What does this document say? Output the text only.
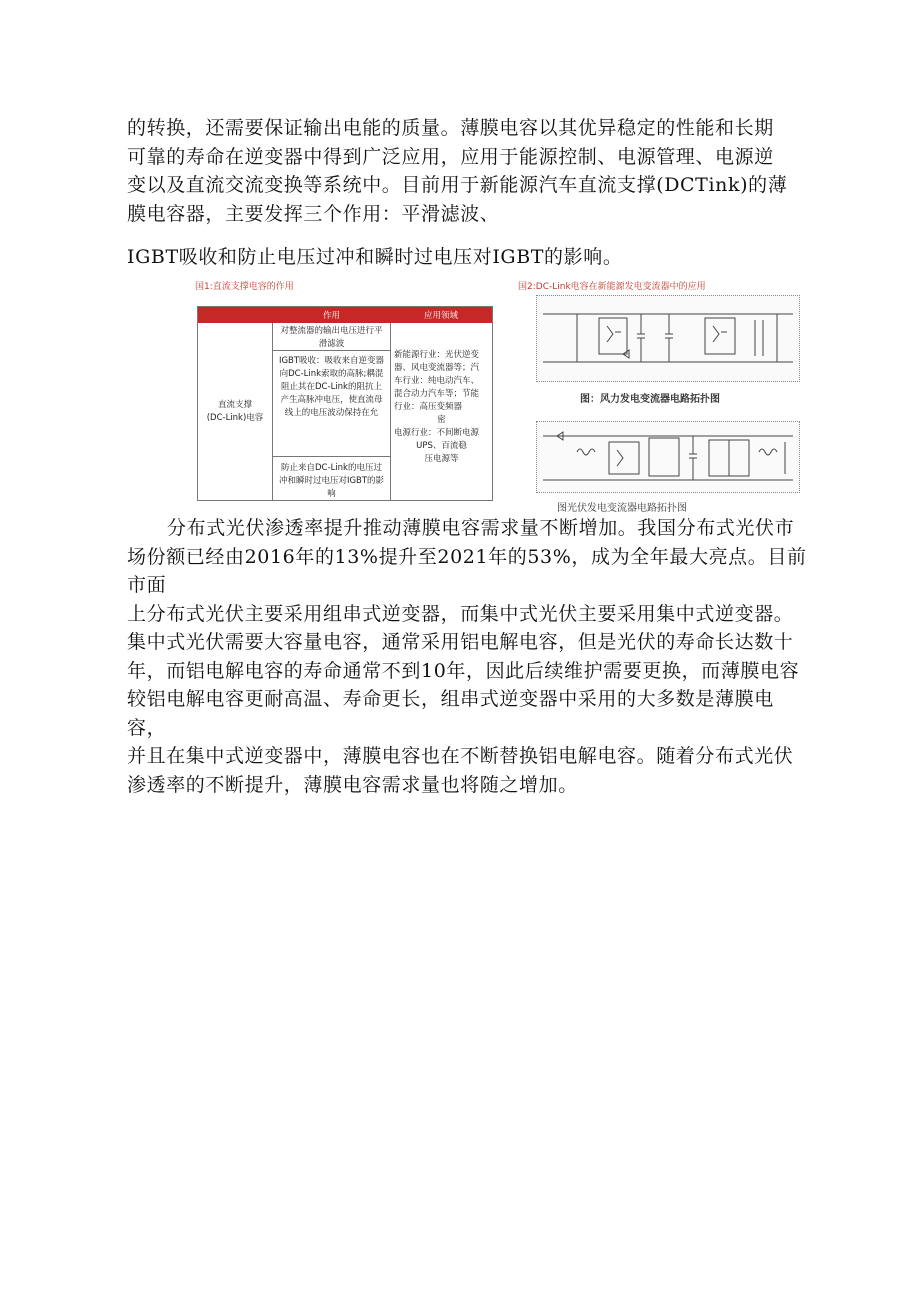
的转换，还需要保证输出电能的质量。薄膜电容以其优异稳定的性能和长期

可靠的寿命在逆变器中得到广泛应用，应用于能源控制、电源管理、电源逆

变以及直流交流变换等系统中。目前用于新能源汽车直流支撑(DCTink)的薄

膜电容器，主要发挥三个作用：平滑滤波、

IGBT吸收和防止电压过冲和瞬时过电压对IGBT的影响。

国1:直流支撑电容的作用
作用	应用领域
直流支撑
(DC-Link)电容
对整流器的输出电压进行平
滑滤波
IGBT吸收：吸收来自逆变器
向DC-Link索取的高脉;耦混
阻止其在DC-Link的阻抗上
产生高脉冲电压，使直流母
线上的电压波动保持在允
防止来自DC-Link的电压过
冲和瞬时过电压对IGBT的影
响
新能源行业：光伏逆变
器、风电变流器等；汽
车行业：纯电动汽车、
混合动力汽车等；节能
行业：高压变频器
密
电源行业：不间断电源
UPS、百流稳
压电源等
国2:DC-Link电容在新能源发电变流器中的应用
图：风力发电变流器电路拓扑图
图光伏发电变流器电路拓扑图

分布式光伏渗透率提升推动薄膜电容需求量不断增加。我国分布式光伏市

场份额已经由2016年的13%提升至2021年的53%，成为全年最大亮点。目前市面

上分布式光伏主要采用组串式逆变器，而集中式光伏主要采用集中式逆变器。

集中式光伏需要大容量电容，通常采用铝电解电容，但是光伏的寿命长达数十

年，而铝电解电容的寿命通常不到10年，因此后续维护需要更换，而薄膜电容

较铝电解电容更耐高温、寿命更长，组串式逆变器中采用的大多数是薄膜电容，

并且在集中式逆变器中，薄膜电容也在不断替换铝电解电容。随着分布式光伏

渗透率的不断提升，薄膜电容需求量也将随之增加。
